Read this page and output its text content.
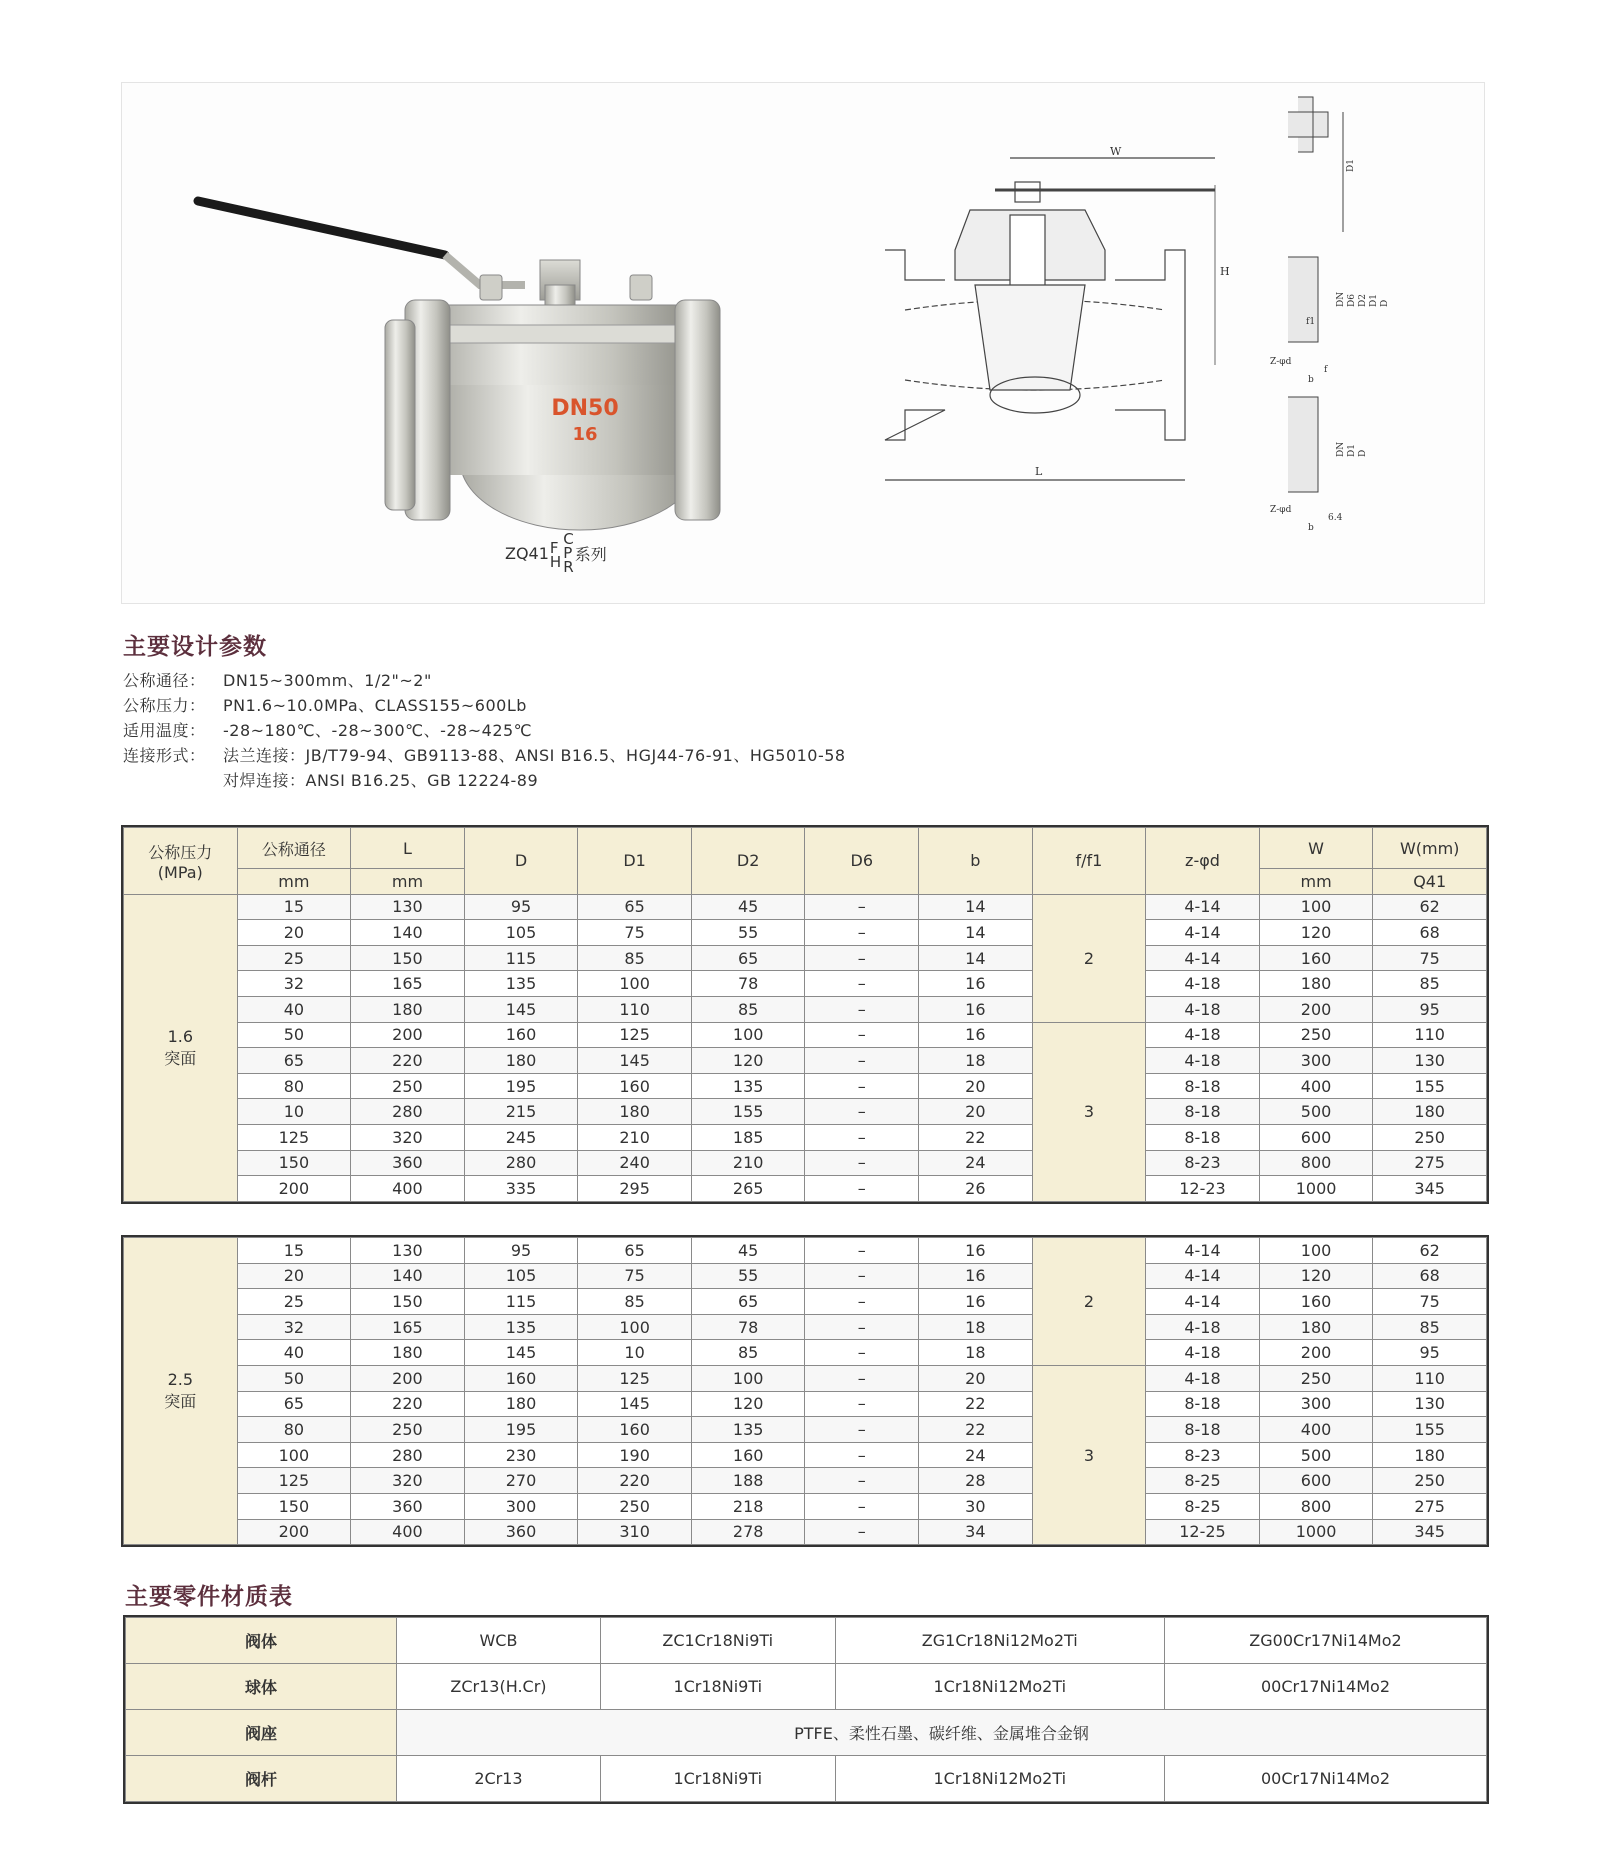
DN50
16
ZQ41 F
H
C
P
R
系列
W
H
L
D1
DN D6 D2 D1 D
f1
Z-φd
f
b
DN D1 D
Z-φd
6.4
b
主要设计参数
公称通径：	DN15~300mm、1/2"~2"
公称压力：	PN1.6~10.0MPa、CLASS155~600Lb
适用温度：	-28~180℃、-28~300℃、-28~425℃
连接形式：	法兰连接：JB/T79-94、GB9113-88、ANSI B16.5、HGJ44-76-91、HG5010-58
对焊连接：ANSI B16.25、GB 12224-89
公称压力
(MPa)	公称通径	L	D	D1	D2	D6	b	f/f1	z-φd	W	W(mm)
	mm	mm								mm	Q41
1.6
突面	15	130	95	65	45	–	14	2	4-14	100	62
	20	140	105	75	55	–	14		4-14	120	68
	25	150	115	85	65	–	14		4-14	160	75
	32	165	135	100	78	–	16		4-18	180	85
	40	180	145	110	85	–	16		4-18	200	95
	50	200	160	125	100	–	16	3	4-18	250	110
	65	220	180	145	120	–	18		4-18	300	130
	80	250	195	160	135	–	20		8-18	400	155
	10	280	215	180	155	–	20		8-18	500	180
	125	320	245	210	185	–	22		8-18	600	250
	150	360	280	240	210	–	24		8-23	800	275
	200	400	335	295	265	–	26		12-23	1000	345
2.5
突面	15	130	95	65	45	–	16	2	4-14	100	62
	20	140	105	75	55	–	16		4-14	120	68
	25	150	115	85	65	–	16		4-14	160	75
	32	165	135	100	78	–	18		4-18	180	85
	40	180	145	10	85	–	18		4-18	200	95
	50	200	160	125	100	–	20	3	4-18	250	110
	65	220	180	145	120	–	22		8-18	300	130
	80	250	195	160	135	–	22		8-18	400	155
	100	280	230	190	160	–	24		8-23	500	180
	125	320	270	220	188	–	28		8-25	600	250
	150	360	300	250	218	–	30		8-25	800	275
	200	400	360	310	278	–	34		12-25	1000	345
主要零件材质表
阀体	WCB	ZC1Cr18Ni9Ti	ZG1Cr18Ni12Mo2Ti	ZG00Cr17Ni14Mo2
球体	ZCr13(H.Cr)	1Cr18Ni9Ti	1Cr18Ni12Mo2Ti	00Cr17Ni14Mo2
阀座	PTFE、柔性石墨、碳纤维、金属堆合金钢			
阀杆	2Cr13	1Cr18Ni9Ti	1Cr18Ni12Mo2Ti	00Cr17Ni14Mo2
